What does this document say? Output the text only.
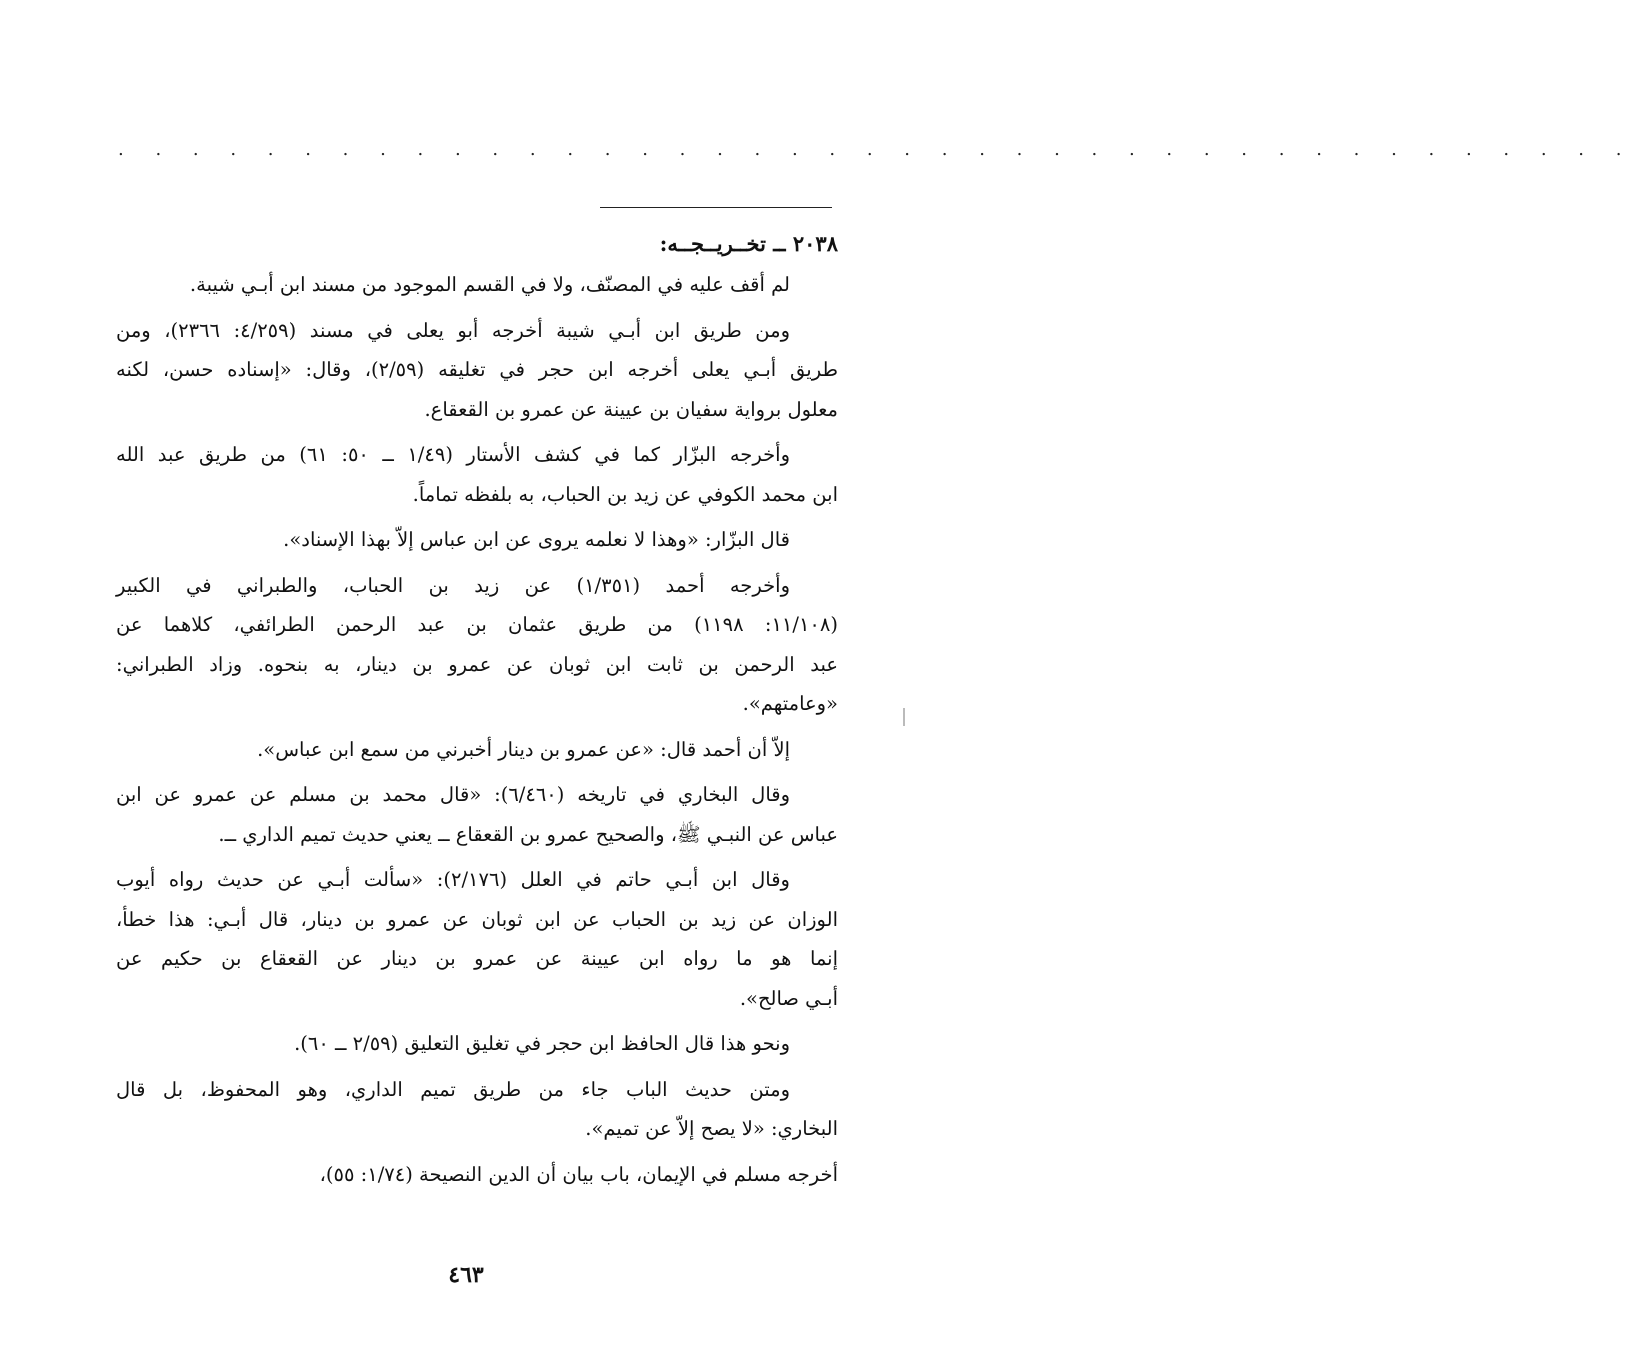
. . . . . . . . . . . . . . . . . . . . . . . . . . . . . . . . . . . . . . . . .
٢٠٣٨ ــ تخــريــجــه:
لم أقف عليه في المصنّف، ولا في القسم الموجود من مسند ابن أبـي شيبة.
ومن طريق ابن أبـي شيبة أخرجه أبو يعلى في مسند (٤/٢٥٩: ٢٣٦٦)، ومن
طريق أبـي يعلى أخرجه ابن حجر في تغليقه (٢/٥٩)، وقال: «إسناده حسن، لكنه
معلول برواية سفيان بن عيينة عن عمرو بن القعقاع.
وأخرجه البزّار كما في كشف الأستار (١/٤٩ ــ ٥٠: ٦١) من طريق عبد الله
ابن محمد الكوفي عن زيد بن الحباب، به بلفظه تماماً.
قال البزّار: «وهذا لا نعلمه يروى عن ابن عباس إلاّ بهذا الإسناد».
وأخرجه أحمد (١/٣٥١) عن زيد بن الحباب، والطبراني في الكبير
(١١/١٠٨: ١١٩٨) من طريق عثمان بن عبد الرحمن الطرائفي، كلاهما عن
عبد الرحمن بن ثابت ابن ثوبان عن عمرو بن دينار، به بنحوه. وزاد الطبراني:
«وعامتهم».
إلاّ أن أحمد قال: «عن عمرو بن دينار أخبرني من سمع ابن عباس».
وقال البخاري في تاريخه (٦/٤٦٠): «قال محمد بن مسلم عن عمرو عن ابن
عباس عن النبـي ﷺ، والصحيح عمرو بن القعقاع ــ يعني حديث تميم الداري ــ.
وقال ابن أبـي حاتم في العلل (٢/١٧٦): «سألت أبـي عن حديث رواه أيوب
الوزان عن زيد بن الحباب عن ابن ثوبان عن عمرو بن دينار، قال أبـي: هذا خطأ،
إنما هو ما رواه ابن عيينة عن عمرو بن دينار عن القعقاع بن حكيم عن
أبـي صالح».
ونحو هذا قال الحافظ ابن حجر في تغليق التعليق (٢/٥٩ ــ ٦٠).
ومتن حديث الباب جاء من طريق تميم الداري، وهو المحفوظ، بل قال
البخاري: «لا يصح إلاّ عن تميم».
أخرجه مسلم في الإيمان، باب بيان أن الدين النصيحة (١/٧٤: ٥٥)،
٤٦٣
